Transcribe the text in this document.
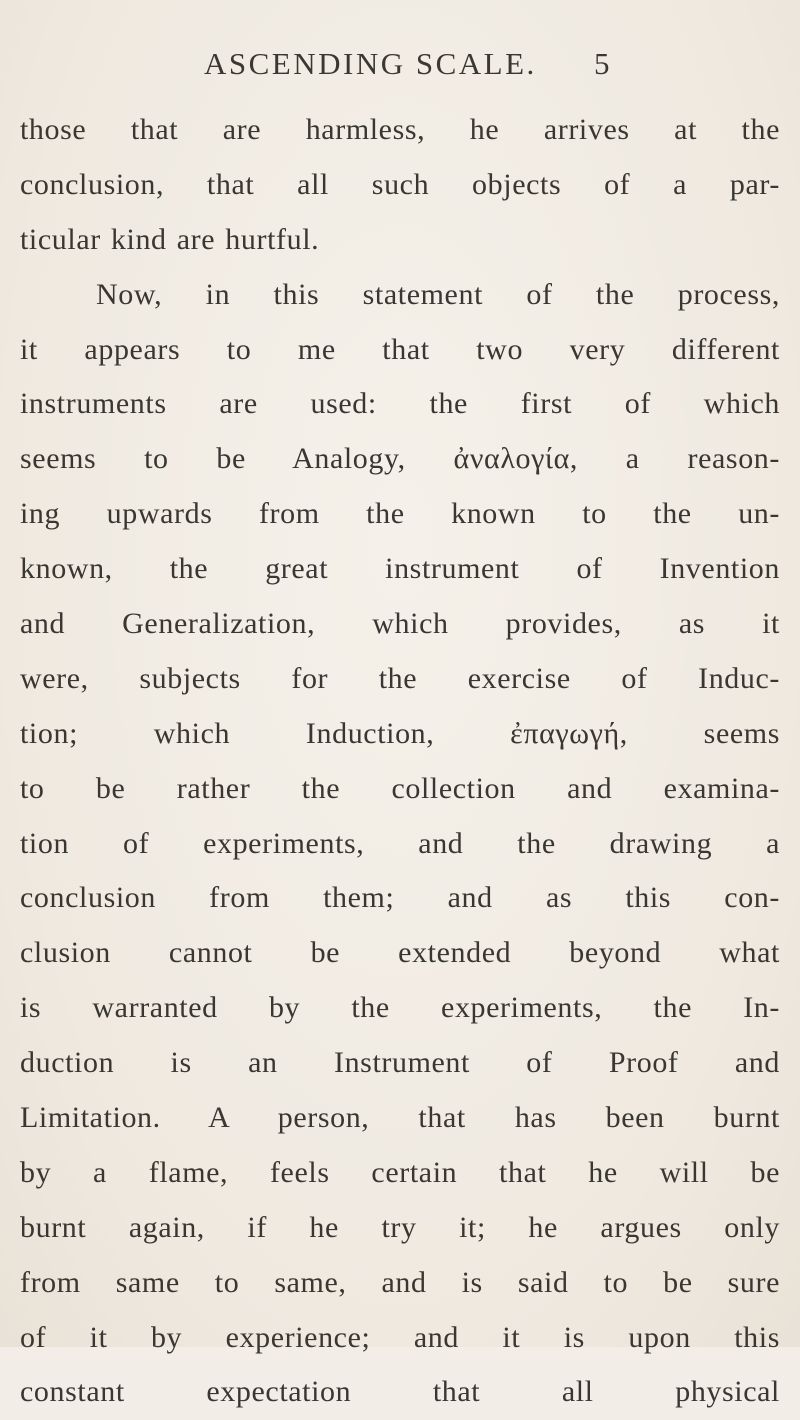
ASCENDING SCALE.	5
those that are harmless, he arrives at the
conclusion, that all such objects of a par-
ticular kind are hurtful.
Now, in this statement of the process,
it appears to me that two very different
instruments are used: the first of which
seems to be Analogy, ἀναλογία, a reason-
ing upwards from the known to the un-
known, the great instrument of Invention
and Generalization, which provides, as it
were, subjects for the exercise of Induc-
tion; which Induction, ἐπαγωγή, seems
to be rather the collection and examina-
tion of experiments, and the drawing a
conclusion from them; and as this con-
clusion cannot be extended beyond what
is warranted by the experiments, the In-
duction is an Instrument of Proof and
Limitation. A person, that has been burnt
by a flame, feels certain that he will be
burnt again, if he try it; he argues only
from same to same, and is said to be sure
of it by experience; and it is upon this
constant expectation that all physical
